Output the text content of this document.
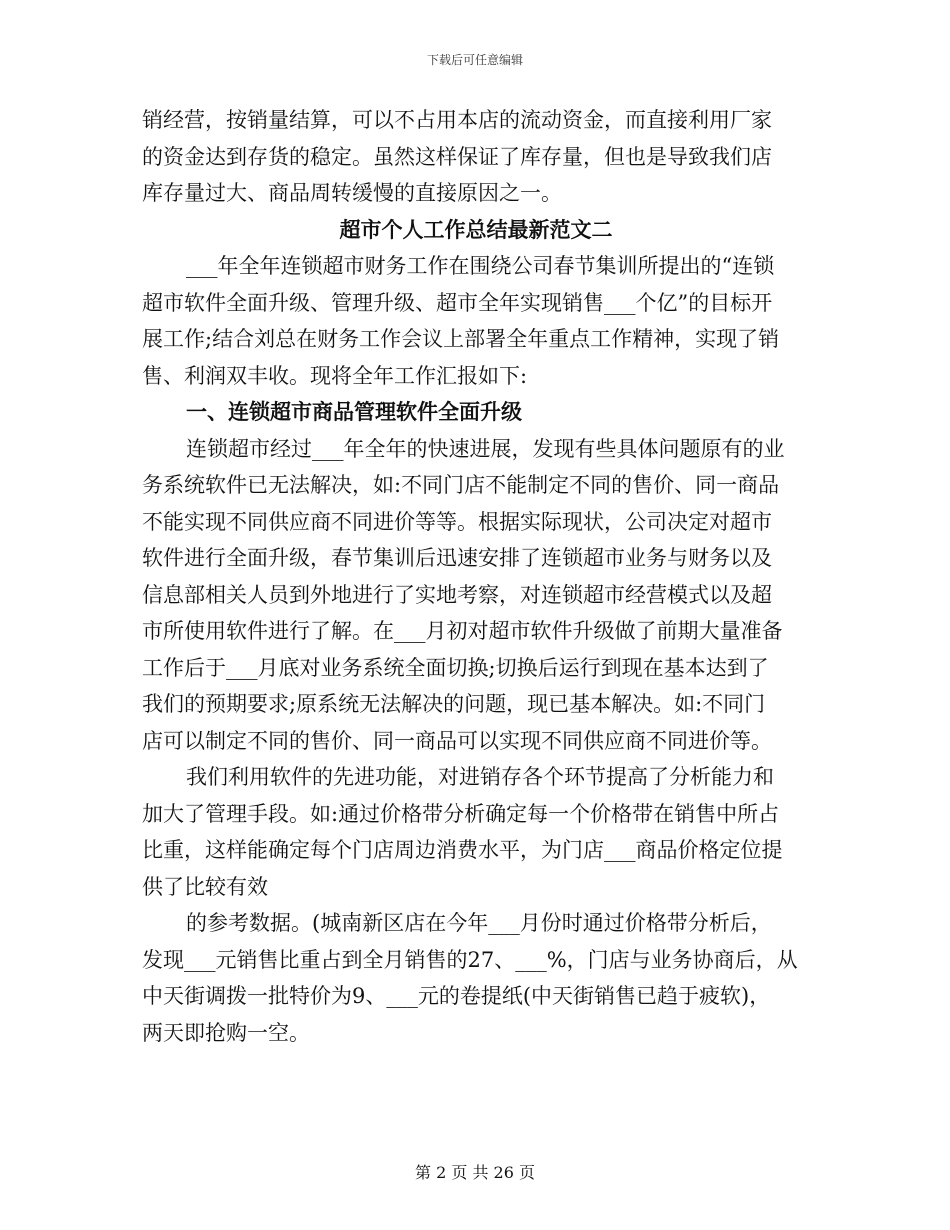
下载后可任意编辑
销经营，按销量结算，可以不占用本店的流动资金，而直接利用厂家
的资金达到存货的稳定。虽然这样保证了库存量，但也是导致我们店
库存量过大、商品周转缓慢的直接原因之一。
超市个人工作总结最新范文二
___年全年连锁超市财务工作在围绕公司春节集训所提出的“连锁
超市软件全面升级、管理升级、超市全年实现销售___个亿”的目标开
展工作;结合刘总在财务工作会议上部署全年重点工作精神，实现了销
售、利润双丰收。现将全年工作汇报如下:
一、连锁超市商品管理软件全面升级
连锁超市经过___年全年的快速进展，发现有些具体问题原有的业
务系统软件已无法解决，如:不同门店不能制定不同的售价、同一商品
不能实现不同供应商不同进价等等。根据实际现状，公司决定对超市
软件进行全面升级，春节集训后迅速安排了连锁超市业务与财务以及
信息部相关人员到外地进行了实地考察，对连锁超市经营模式以及超
市所使用软件进行了解。在___月初对超市软件升级做了前期大量准备
工作后于___月底对业务系统全面切换;切换后运行到现在基本达到了
我们的预期要求;原系统无法解决的问题，现已基本解决。如:不同门
店可以制定不同的售价、同一商品可以实现不同供应商不同进价等。
我们利用软件的先进功能，对进销存各个环节提高了分析能力和
加大了管理手段。如:通过价格带分析确定每一个价格带在销售中所占
比重，这样能确定每个门店周边消费水平，为门店___商品价格定位提
供了比较有效
的参考数据。(城南新区店在今年___月份时通过价格带分析后，
发现___元销售比重占到全月销售的27、___%，门店与业务协商后，从
中天街调拨一批特价为9、___元的卷提纸(中天街销售已趋于疲软)，
两天即抢购一空。
第 2 页 共 26 页
